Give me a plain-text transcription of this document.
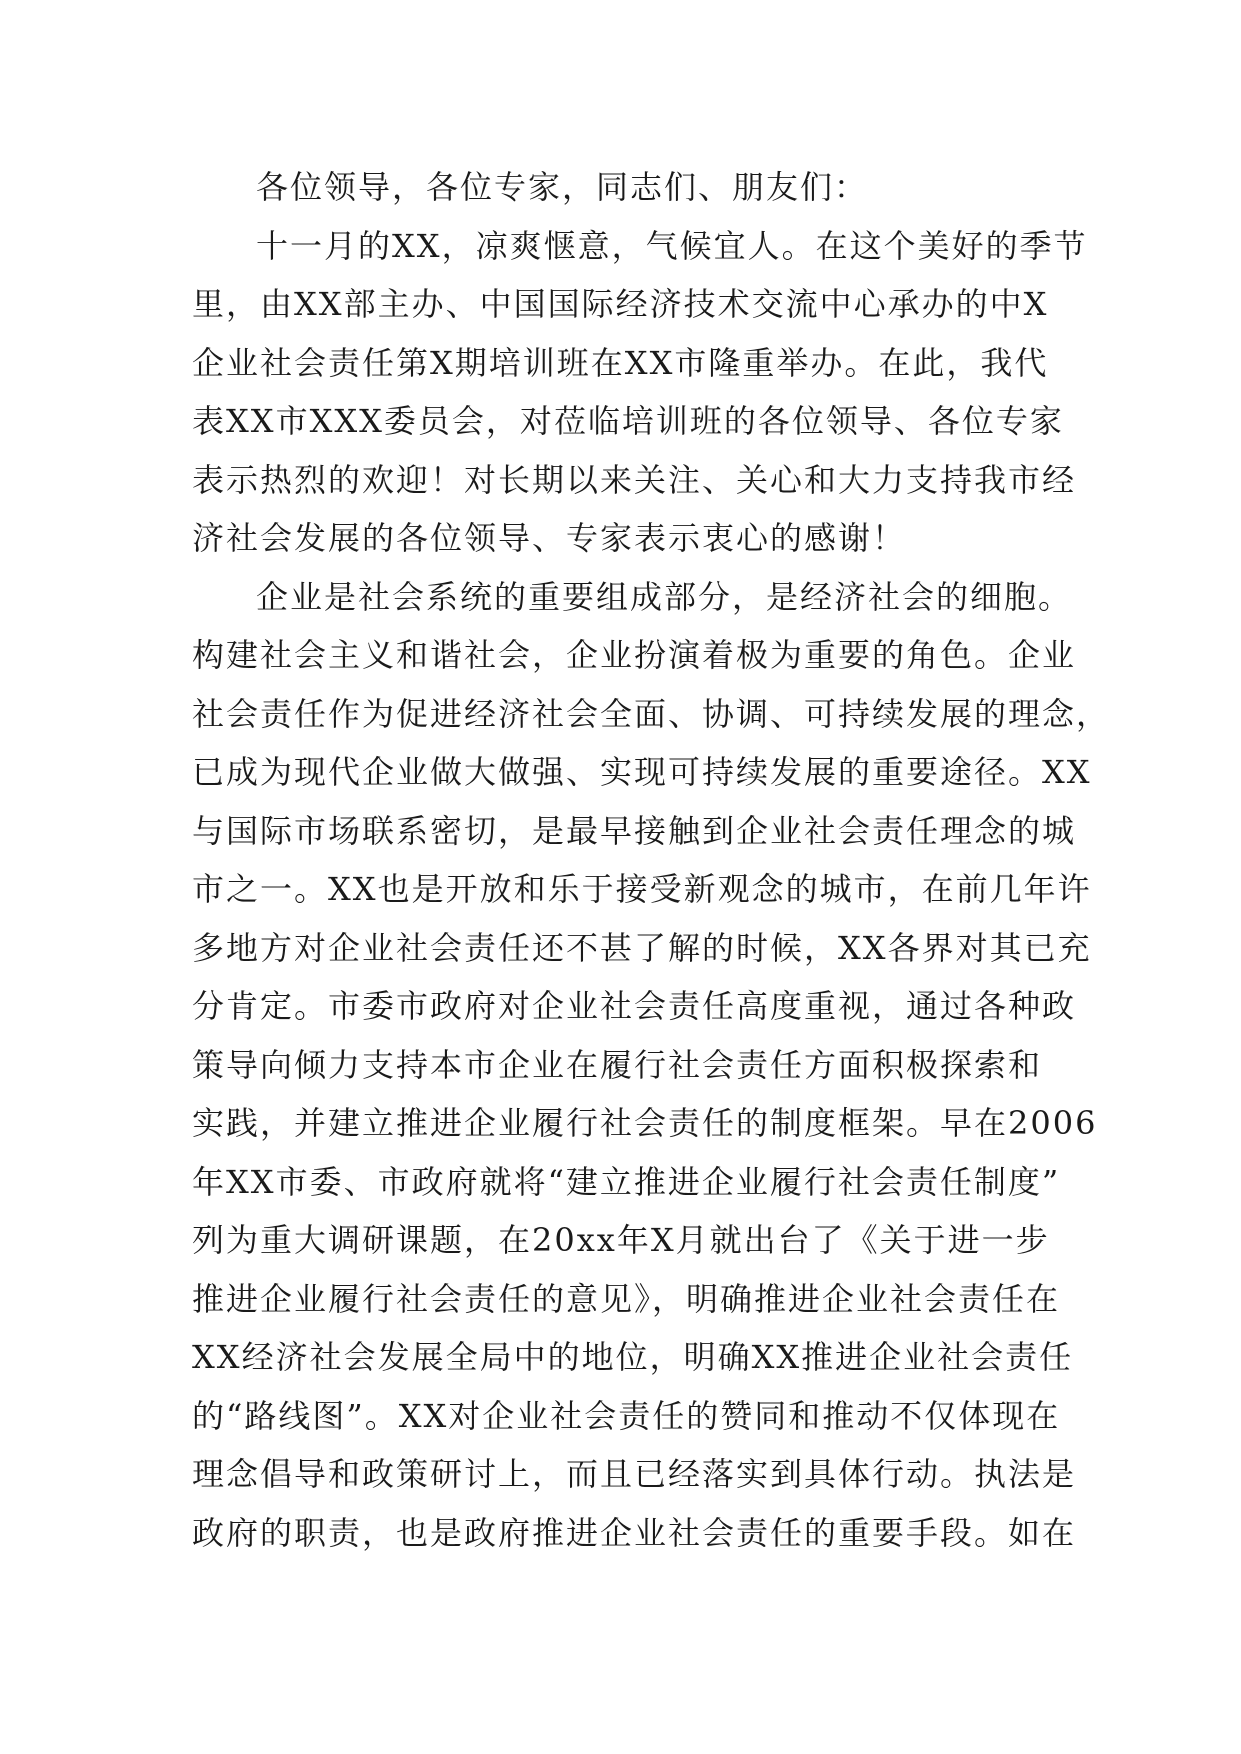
各位领导，各位专家，同志们、朋友们：
十一月的XX，凉爽惬意，气候宜人。在这个美好的季节
里，由XX部主办、中国国际经济技术交流中心承办的中X
企业社会责任第X期培训班在XX市隆重举办。在此，我代
表XX市XXX委员会，对莅临培训班的各位领导、各位专家
表示热烈的欢迎！对长期以来关注、关心和大力支持我市经
济社会发展的各位领导、专家表示衷心的感谢！
企业是社会系统的重要组成部分，是经济社会的细胞。
构建社会主义和谐社会，企业扮演着极为重要的角色。企业
社会责任作为促进经济社会全面、协调、可持续发展的理念，
已成为现代企业做大做强、实现可持续发展的重要途径。XX
与国际市场联系密切，是最早接触到企业社会责任理念的城
市之一。XX也是开放和乐于接受新观念的城市，在前几年许
多地方对企业社会责任还不甚了解的时候，XX各界对其已充
分肯定。市委市政府对企业社会责任高度重视，通过各种政
策导向倾力支持本市企业在履行社会责任方面积极探索和
实践，并建立推进企业履行社会责任的制度框架。早在2006
年XX市委、市政府就将“建立推进企业履行社会责任制度”
列为重大调研课题，在20xx年X月就出台了《关于进一步
推进企业履行社会责任的意见》，明确推进企业社会责任在
XX经济社会发展全局中的地位，明确XX推进企业社会责任
的“路线图”。XX对企业社会责任的赞同和推动不仅体现在
理念倡导和政策研讨上，而且已经落实到具体行动。执法是
政府的职责，也是政府推进企业社会责任的重要手段。如在
